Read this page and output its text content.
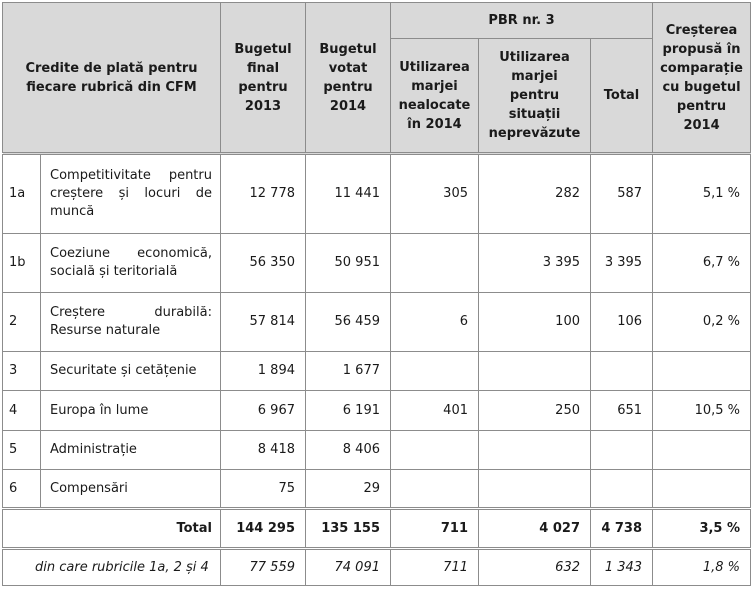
Credite de plată pentru fiecare rubrică din CFM		Bugetul final pentru 2013	Bugetul votat pentru 2014	PBR nr. 3			Creșterea propusă în comparație cu bugetul pentru 2014
				Utilizarea marjei nealocate în 2014	Utilizarea marjei pentru situații neprevăzute	Total	
1a	Competitivitate pentru creștere și locuri de muncă	12 778	11 441	305	282	587	5,1 %
1b	Coeziune economică, socială și teritorială	56 350	50 951		3 395	3 395	6,7 %
2	Creștere durabilă: Resurse naturale	57 814	56 459	6	100	106	0,2 %
3	Securitate și cetățenie	1 894	1 677				
4	Europa în lume	6 967	6 191	401	250	651	10,5 %
5	Administrație	8 418	8 406				
6	Compensări	75	29				
Total		144 295	135 155	711	4 027	4 738	3,5 %
din care rubricile 1a, 2 și 4		77 559	74 091	711	632	1 343	1,8 %
